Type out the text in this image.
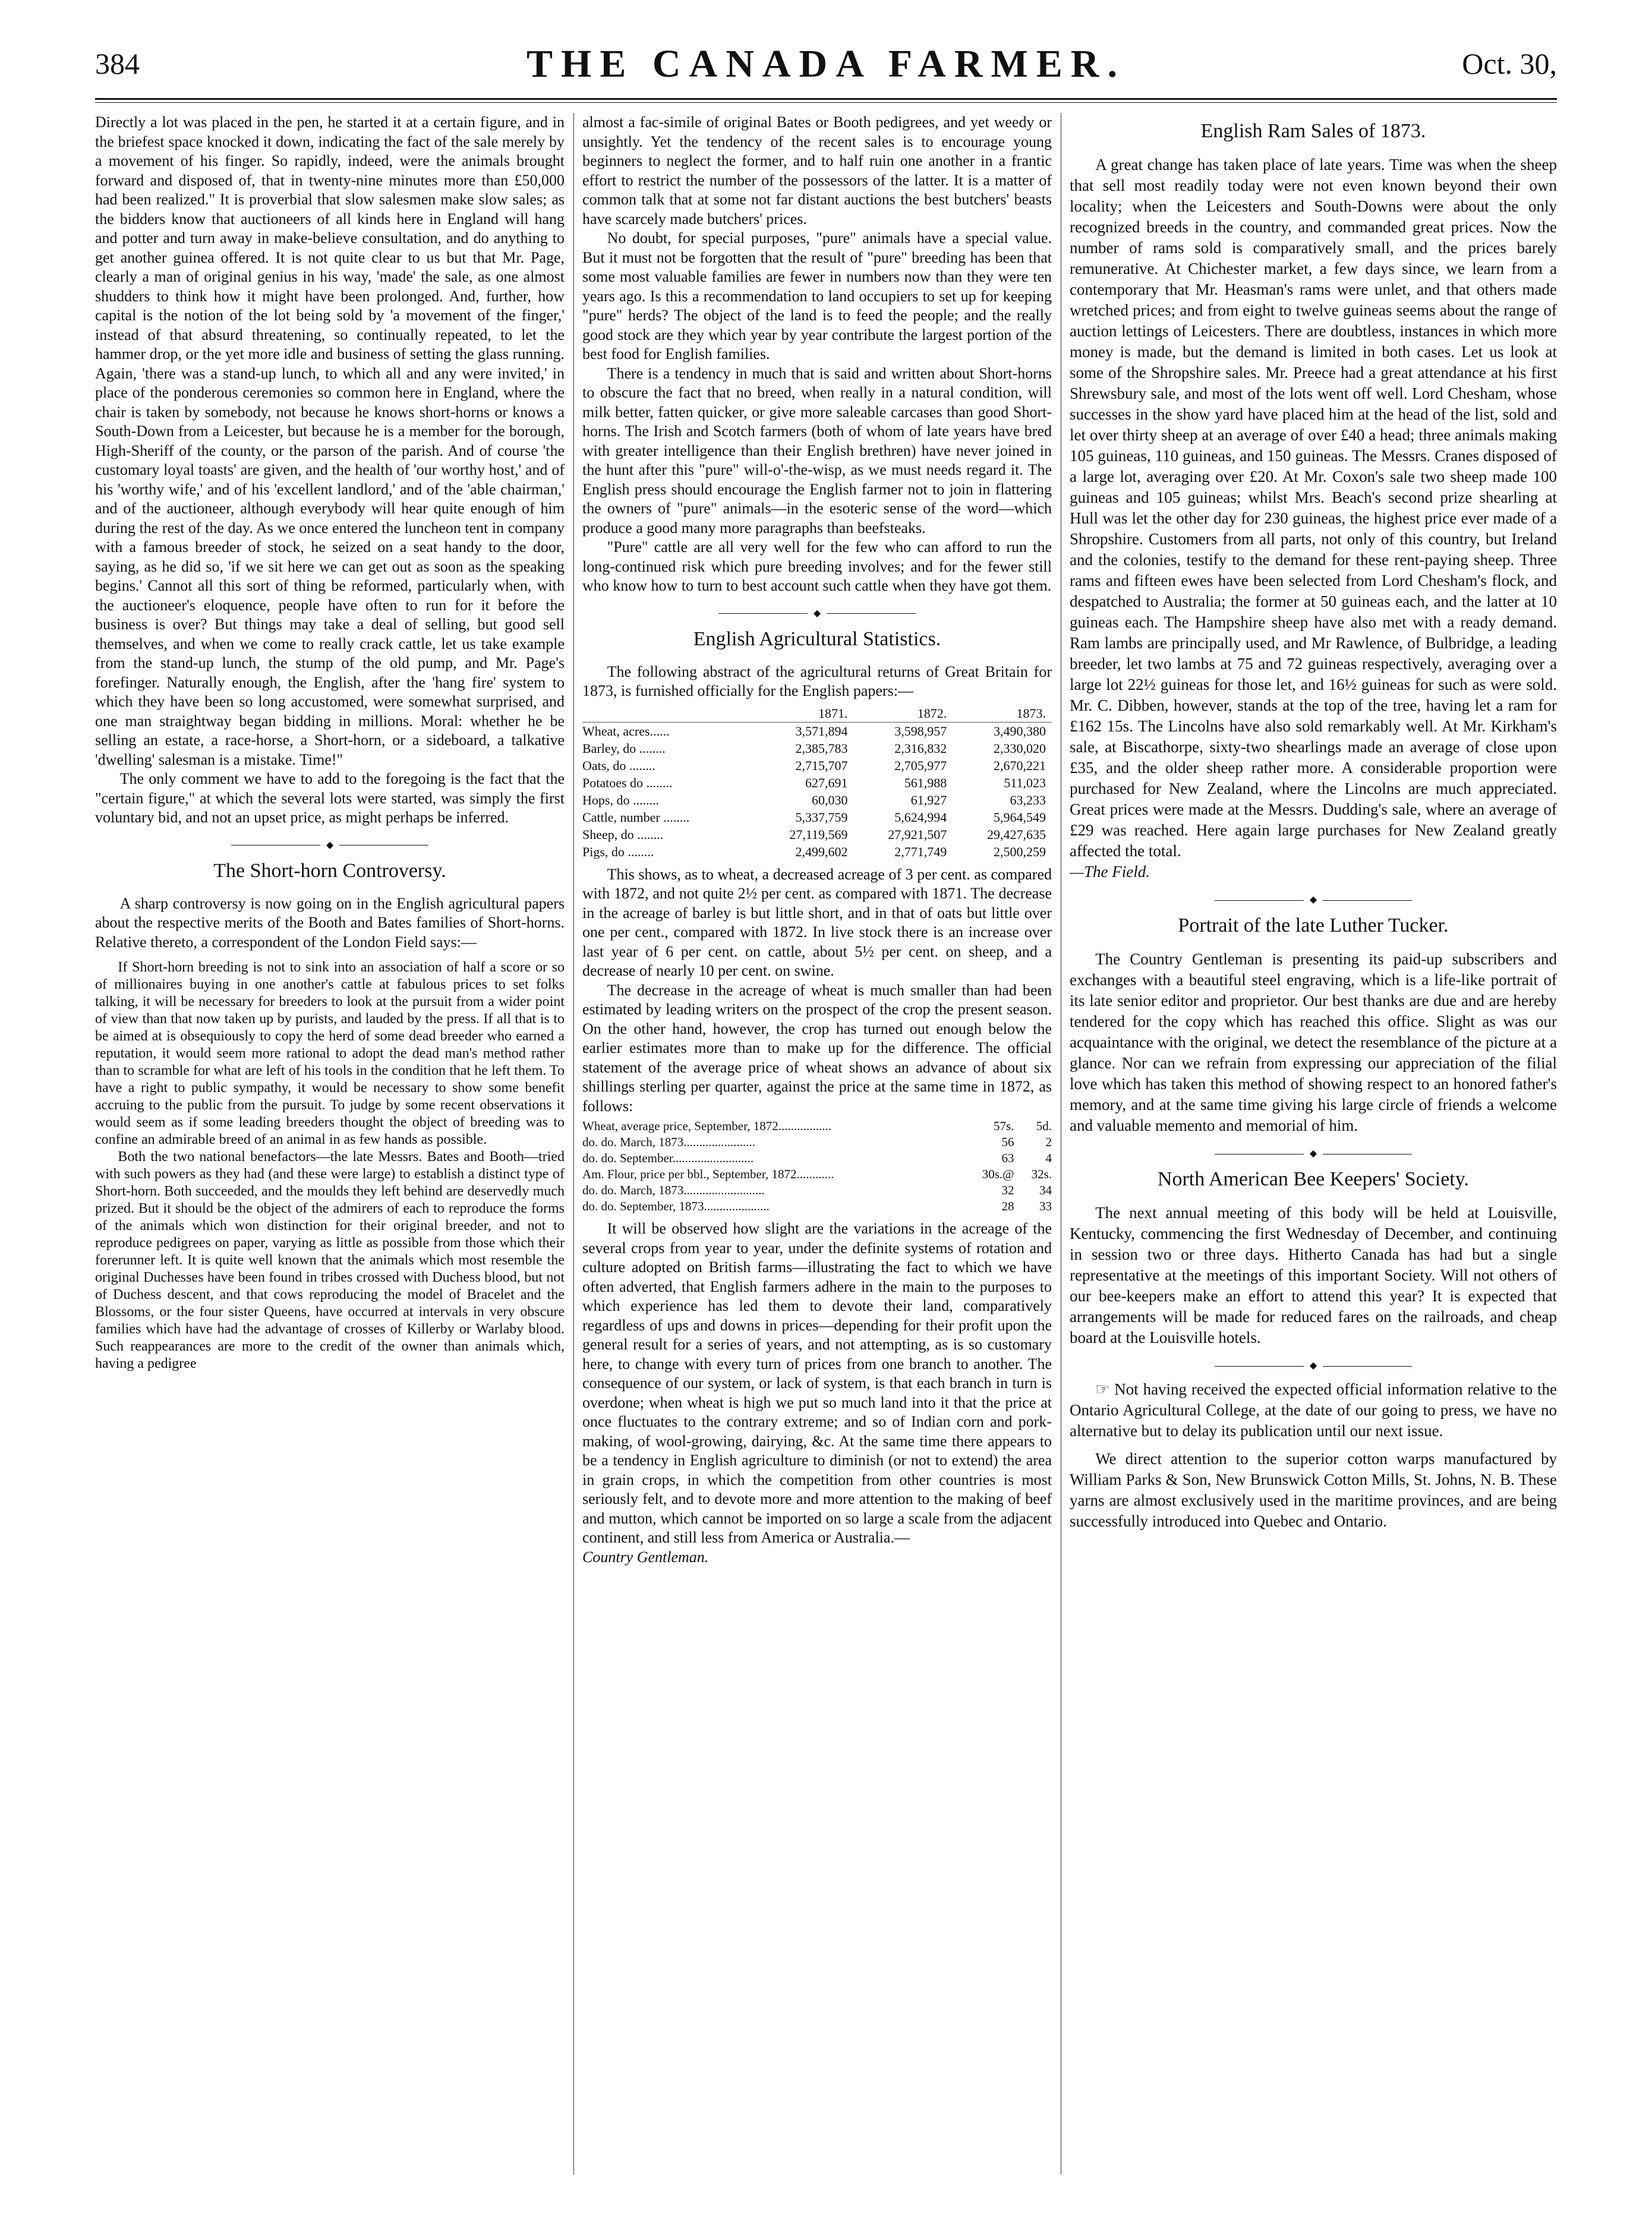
384	THE CANADA FARMER.	Oct. 30,

Directly a lot was placed in the pen, he started it at a certain figure, and in the briefest space knocked it down, indicating the fact of the sale merely by a movement of his finger. So rapidly, indeed, were the animals brought forward and disposed of, that in twenty-nine minutes more than £50,000 had been realized." It is proverbial that slow salesmen make slow sales; as the bidders know that auctioneers of all kinds here in England will hang and potter and turn away in make-believe consultation, and do anything to get another guinea offered. It is not quite clear to us but that Mr. Page, clearly a man of original genius in his way, 'made' the sale, as one almost shudders to think how it might have been prolonged. And, further, how capital is the notion of the lot being sold by 'a movement of the finger,' instead of that absurd threatening, so continually repeated, to let the hammer drop, or the yet more idle and business of setting the glass running. Again, 'there was a stand-up lunch, to which all and any were invited,' in place of the ponderous ceremonies so common here in England, where the chair is taken by somebody, not because he knows short-horns or knows a South-Down from a Leicester, but because he is a member for the borough, High-Sheriff of the county, or the parson of the parish. And of course 'the customary loyal toasts' are given, and the health of 'our worthy host,' and of his 'worthy wife,' and of his 'excellent landlord,' and of the 'able chairman,' and of the auctioneer, although everybody will hear quite enough of him during the rest of the day. As we once entered the luncheon tent in company with a famous breeder of stock, he seized on a seat handy to the door, saying, as he did so, 'if we sit here we can get out as soon as the speaking begins.' Cannot all this sort of thing be reformed, particularly when, with the auctioneer's eloquence, people have often to run for it before the business is over? But things may take a deal of selling, but good sell themselves, and when we come to really crack cattle, let us take example from the stand-up lunch, the stump of the old pump, and Mr. Page's forefinger. Naturally enough, the English, after the 'hang fire' system to which they have been so long accustomed, were somewhat surprised, and one man straightway began bidding in millions. Moral: whether he be selling an estate, a race-horse, a Short-horn, or a sideboard, a talkative 'dwelling' salesman is a mistake. Time!"

The only comment we have to add to the foregoing is the fact that the "certain figure," at which the several lots were started, was simply the first voluntary bid, and not an upset price, as might perhaps be inferred.

◆
The Short-horn Controversy.

A sharp controversy is now going on in the English agricultural papers about the respective merits of the Booth and Bates families of Short-horns. Relative thereto, a correspondent of the London Field says:—

If Short-horn breeding is not to sink into an association of half a score or so of millionaires buying in one another's cattle at fabulous prices to set folks talking, it will be necessary for breeders to look at the pursuit from a wider point of view than that now taken up by purists, and lauded by the press. If all that is to be aimed at is obsequiously to copy the herd of some dead breeder who earned a reputation, it would seem more rational to adopt the dead man's method rather than to scramble for what are left of his tools in the condition that he left them. To have a right to public sympathy, it would be necessary to show some benefit accruing to the public from the pursuit. To judge by some recent observations it would seem as if some leading breeders thought the object of breeding was to confine an admirable breed of an animal in as few hands as possible.

Both the two national benefactors—the late Messrs. Bates and Booth—tried with such powers as they had (and these were large) to establish a distinct type of Short-horn. Both succeeded, and the moulds they left behind are deservedly much prized. But it should be the object of the admirers of each to reproduce the forms of the animals which won distinction for their original breeder, and not to reproduce pedigrees on paper, varying as little as possible from those which their forerunner left. It is quite well known that the animals which most resemble the original Duchesses have been found in tribes crossed with Duchess blood, but not of Duchess descent, and that cows reproducing the model of Bracelet and the Blossoms, or the four sister Queens, have occurred at intervals in very obscure families which have had the advantage of crosses of Killerby or Warlaby blood. Such reappearances are more to the credit of the owner than animals which, having a pedigree

almost a fac-simile of original Bates or Booth pedigrees, and yet weedy or unsightly. Yet the tendency of the recent sales is to encourage young beginners to neglect the former, and to half ruin one another in a frantic effort to restrict the number of the possessors of the latter. It is a matter of common talk that at some not far distant auctions the best butchers' beasts have scarcely made butchers' prices.

No doubt, for special purposes, "pure" animals have a special value. But it must not be forgotten that the result of "pure" breeding has been that some most valuable families are fewer in numbers now than they were ten years ago. Is this a recommendation to land occupiers to set up for keeping "pure" herds? The object of the land is to feed the people; and the really good stock are they which year by year contribute the largest portion of the best food for English families.

There is a tendency in much that is said and written about Short-horns to obscure the fact that no breed, when really in a natural condition, will milk better, fatten quicker, or give more saleable carcases than good Short-horns. The Irish and Scotch farmers (both of whom of late years have bred with greater intelligence than their English brethren) have never joined in the hunt after this "pure" will-o'-the-wisp, as we must needs regard it. The English press should encourage the English farmer not to join in flattering the owners of "pure" animals—in the esoteric sense of the word—which produce a good many more paragraphs than beefsteaks.

"Pure" cattle are all very well for the few who can afford to run the long-continued risk which pure breeding involves; and for the fewer still who know how to turn to best account such cattle when they have got them.

◆
English Agricultural Statistics.

The following abstract of the agricultural returns of Great Britain for 1873, is furnished officially for the English papers:—

	1871.	1872.	1873.
Wheat, acres......	3,571,894	3,598,957	3,490,380
Barley, do ........	2,385,783	2,316,832	2,330,020
Oats, do ........	2,715,707	2,705,977	2,670,221
Potatoes do ........	627,691	561,988	511,023
Hops, do ........	60,030	61,927	63,233
Cattle, number ........	5,337,759	5,624,994	5,964,549
Sheep, do ........	27,119,569	27,921,507	29,427,635
Pigs, do ........	2,499,602	2,771,749	2,500,259

This shows, as to wheat, a decreased acreage of 3 per cent. as compared with 1872, and not quite 2½ per cent. as compared with 1871. The decrease in the acreage of barley is but little short, and in that of oats but little over one per cent., compared with 1872. In live stock there is an increase over last year of 6 per cent. on cattle, about 5½ per cent. on sheep, and a decrease of nearly 10 per cent. on swine.

The decrease in the acreage of wheat is much smaller than had been estimated by leading writers on the prospect of the crop the present season. On the other hand, however, the crop has turned out enough below the earlier estimates more than to make up for the difference. The official statement of the average price of wheat shows an advance of about six shillings sterling per quarter, against the price at the same time in 1872, as follows:

Wheat, average price, September, 1872.................	57s.	5d.
do. do. March, 1873.......................	56	2
do. do. September..........................	63	4
Am. Flour, price per bbl., September, 1872............	30s.@	32s.
do. do. March, 1873..........................	32	34
do. do. September, 1873.....................	28	33

It will be observed how slight are the variations in the acreage of the several crops from year to year, under the definite systems of rotation and culture adopted on British farms—illustrating the fact to which we have often adverted, that English farmers adhere in the main to the purposes to which experience has led them to devote their land, comparatively regardless of ups and downs in prices—depending for their profit upon the general result for a series of years, and not attempting, as is so customary here, to change with every turn of prices from one branch to another. The consequence of our system, or lack of system, is that each branch in turn is overdone; when wheat is high we put so much land into it that the price at once fluctuates to the contrary extreme; and so of Indian corn and pork-making, of wool-growing, dairying, &c. At the same time there appears to be a tendency in English agriculture to diminish (or not to extend) the area in grain crops, in which the competition from other countries is most seriously felt, and to devote more and more attention to the making of beef and mutton, which cannot be imported on so large a scale from the adjacent continent, and still less from America or Australia.—

Country Gentleman.

English Ram Sales of 1873.

A great change has taken place of late years. Time was when the sheep that sell most readily today were not even known beyond their own locality; when the Leicesters and South-Downs were about the only recognized breeds in the country, and commanded great prices. Now the number of rams sold is comparatively small, and the prices barely remunerative. At Chichester market, a few days since, we learn from a contemporary that Mr. Heasman's rams were unlet, and that others made wretched prices; and from eight to twelve guineas seems about the range of auction lettings of Leicesters. There are doubtless, instances in which more money is made, but the demand is limited in both cases. Let us look at some of the Shropshire sales. Mr. Preece had a great attendance at his first Shrewsbury sale, and most of the lots went off well. Lord Chesham, whose successes in the show yard have placed him at the head of the list, sold and let over thirty sheep at an average of over £40 a head; three animals making 105 guineas, 110 guineas, and 150 guineas. The Messrs. Cranes disposed of a large lot, averaging over £20. At Mr. Coxon's sale two sheep made 100 guineas and 105 guineas; whilst Mrs. Beach's second prize shearling at Hull was let the other day for 230 guineas, the highest price ever made of a Shropshire. Customers from all parts, not only of this country, but Ireland and the colonies, testify to the demand for these rent-paying sheep. Three rams and fifteen ewes have been selected from Lord Chesham's flock, and despatched to Australia; the former at 50 guineas each, and the latter at 10 guineas each. The Hampshire sheep have also met with a ready demand. Ram lambs are principally used, and Mr Rawlence, of Bulbridge, a leading breeder, let two lambs at 75 and 72 guineas respectively, averaging over a large lot 22½ guineas for those let, and 16½ guineas for such as were sold. Mr. C. Dibben, however, stands at the top of the tree, having let a ram for £162 15s. The Lincolns have also sold remarkably well. At Mr. Kirkham's sale, at Biscathorpe, sixty-two shearlings made an average of close upon £35, and the older sheep rather more. A considerable proportion were purchased for New Zealand, where the Lincolns are much appreciated. Great prices were made at the Messrs. Dudding's sale, where an average of £29 was reached. Here again large purchases for New Zealand greatly affected the total.

—The Field.

◆
Portrait of the late Luther Tucker.

The Country Gentleman is presenting its paid-up subscribers and exchanges with a beautiful steel engraving, which is a life-like portrait of its late senior editor and proprietor. Our best thanks are due and are hereby tendered for the copy which has reached this office. Slight as was our acquaintance with the original, we detect the resemblance of the picture at a glance. Nor can we refrain from expressing our appreciation of the filial love which has taken this method of showing respect to an honored father's memory, and at the same time giving his large circle of friends a welcome and valuable memento and memorial of him.

◆
North American Bee Keepers' Society.

The next annual meeting of this body will be held at Louisville, Kentucky, commencing the first Wednesday of December, and continuing in session two or three days. Hitherto Canada has had but a single representative at the meetings of this important Society. Will not others of our bee-keepers make an effort to attend this year? It is expected that arrangements will be made for reduced fares on the railroads, and cheap board at the Louisville hotels.

◆

☞ Not having received the expected official information relative to the Ontario Agricultural College, at the date of our going to press, we have no alternative but to delay its publication until our next issue.

We direct attention to the superior cotton warps manufactured by William Parks & Son, New Brunswick Cotton Mills, St. Johns, N. B. These yarns are almost exclusively used in the maritime provinces, and are being successfully introduced into Quebec and Ontario.
